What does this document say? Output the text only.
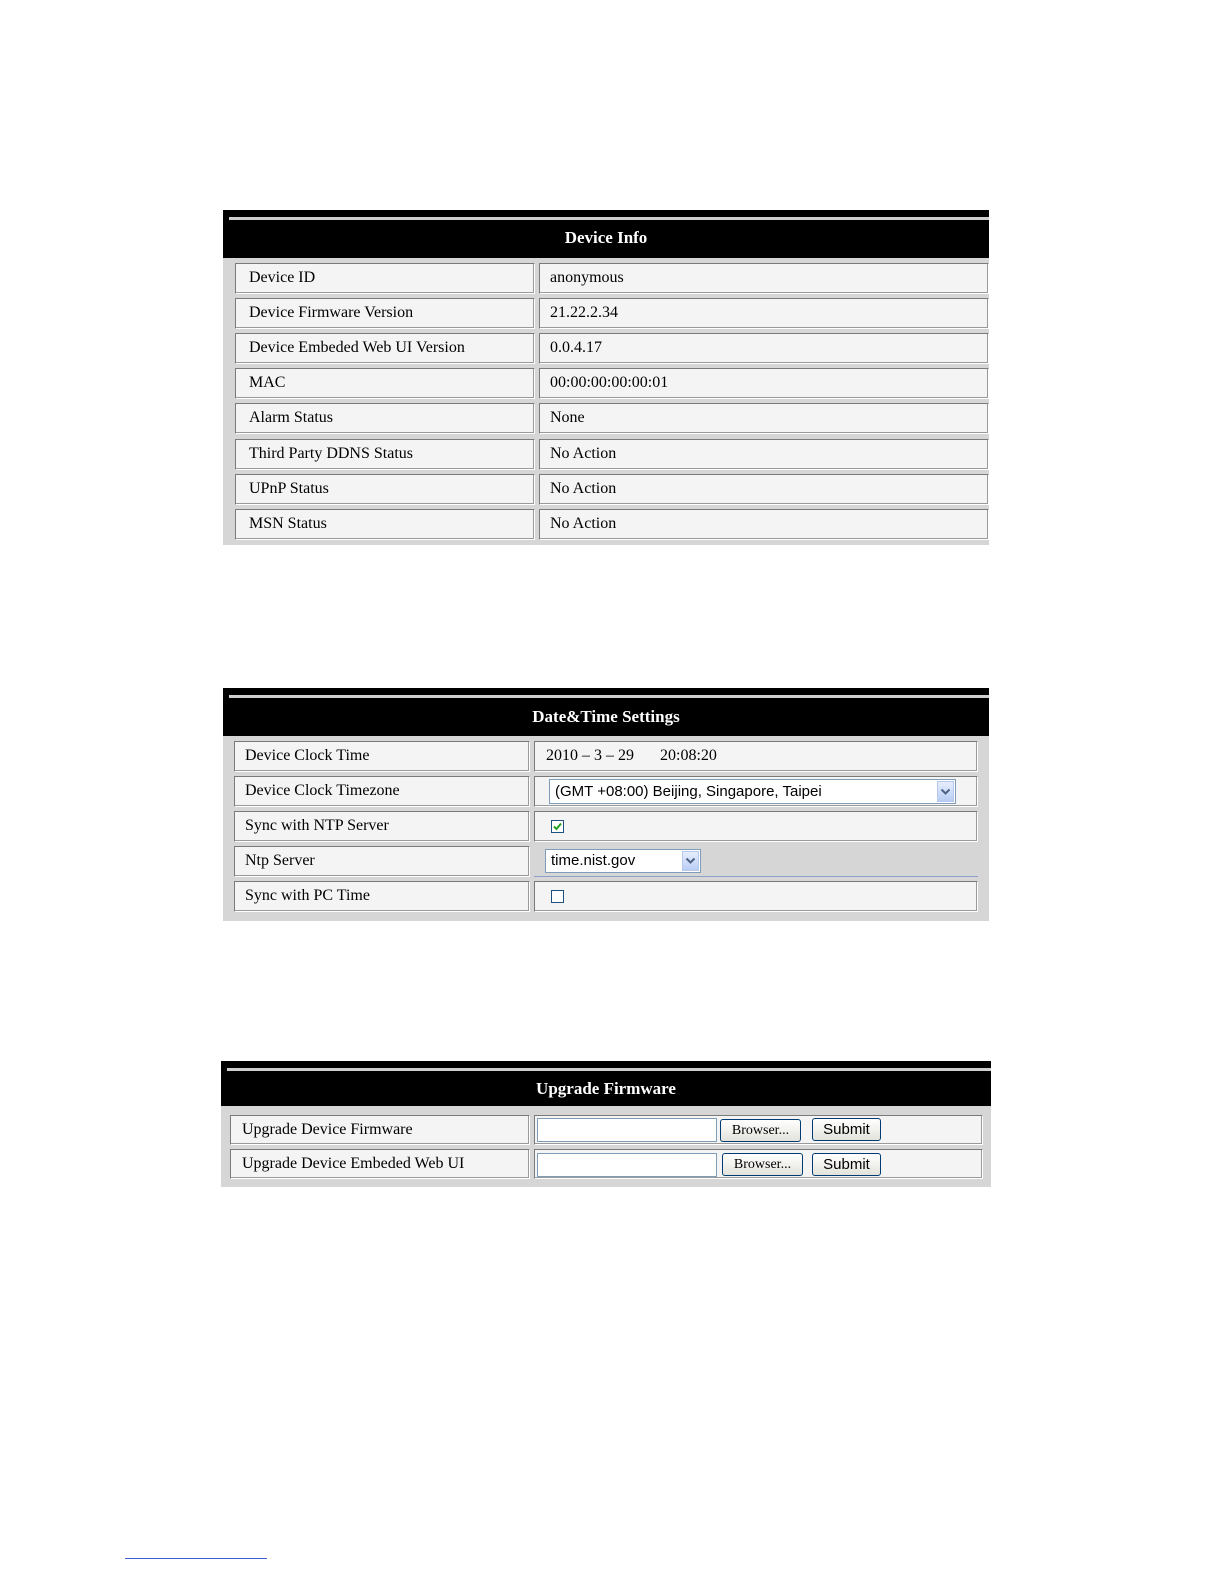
Device Info
Device ID	anonymous
Device Firmware Version	21.22.2.34
Device Embeded Web UI Version	0.0.4.17
MAC	00:00:00:00:00:01
Alarm Status	None
Third Party DDNS Status	No Action
UPnP Status	No Action
MSN Status	No Action
Date&Time Settings
Device Clock Time	2010 – 3 – 29 20:08:20
Device Clock Timezone	(GMT +08:00) Beijing, Singapore, Taipei
Sync with NTP Server
Ntp Server	time.nist.gov
Sync with PC Time
Upgrade Firmware
Upgrade Device Firmware	Browser...	Submit
Upgrade Device Embeded Web UI	Browser...	Submit
